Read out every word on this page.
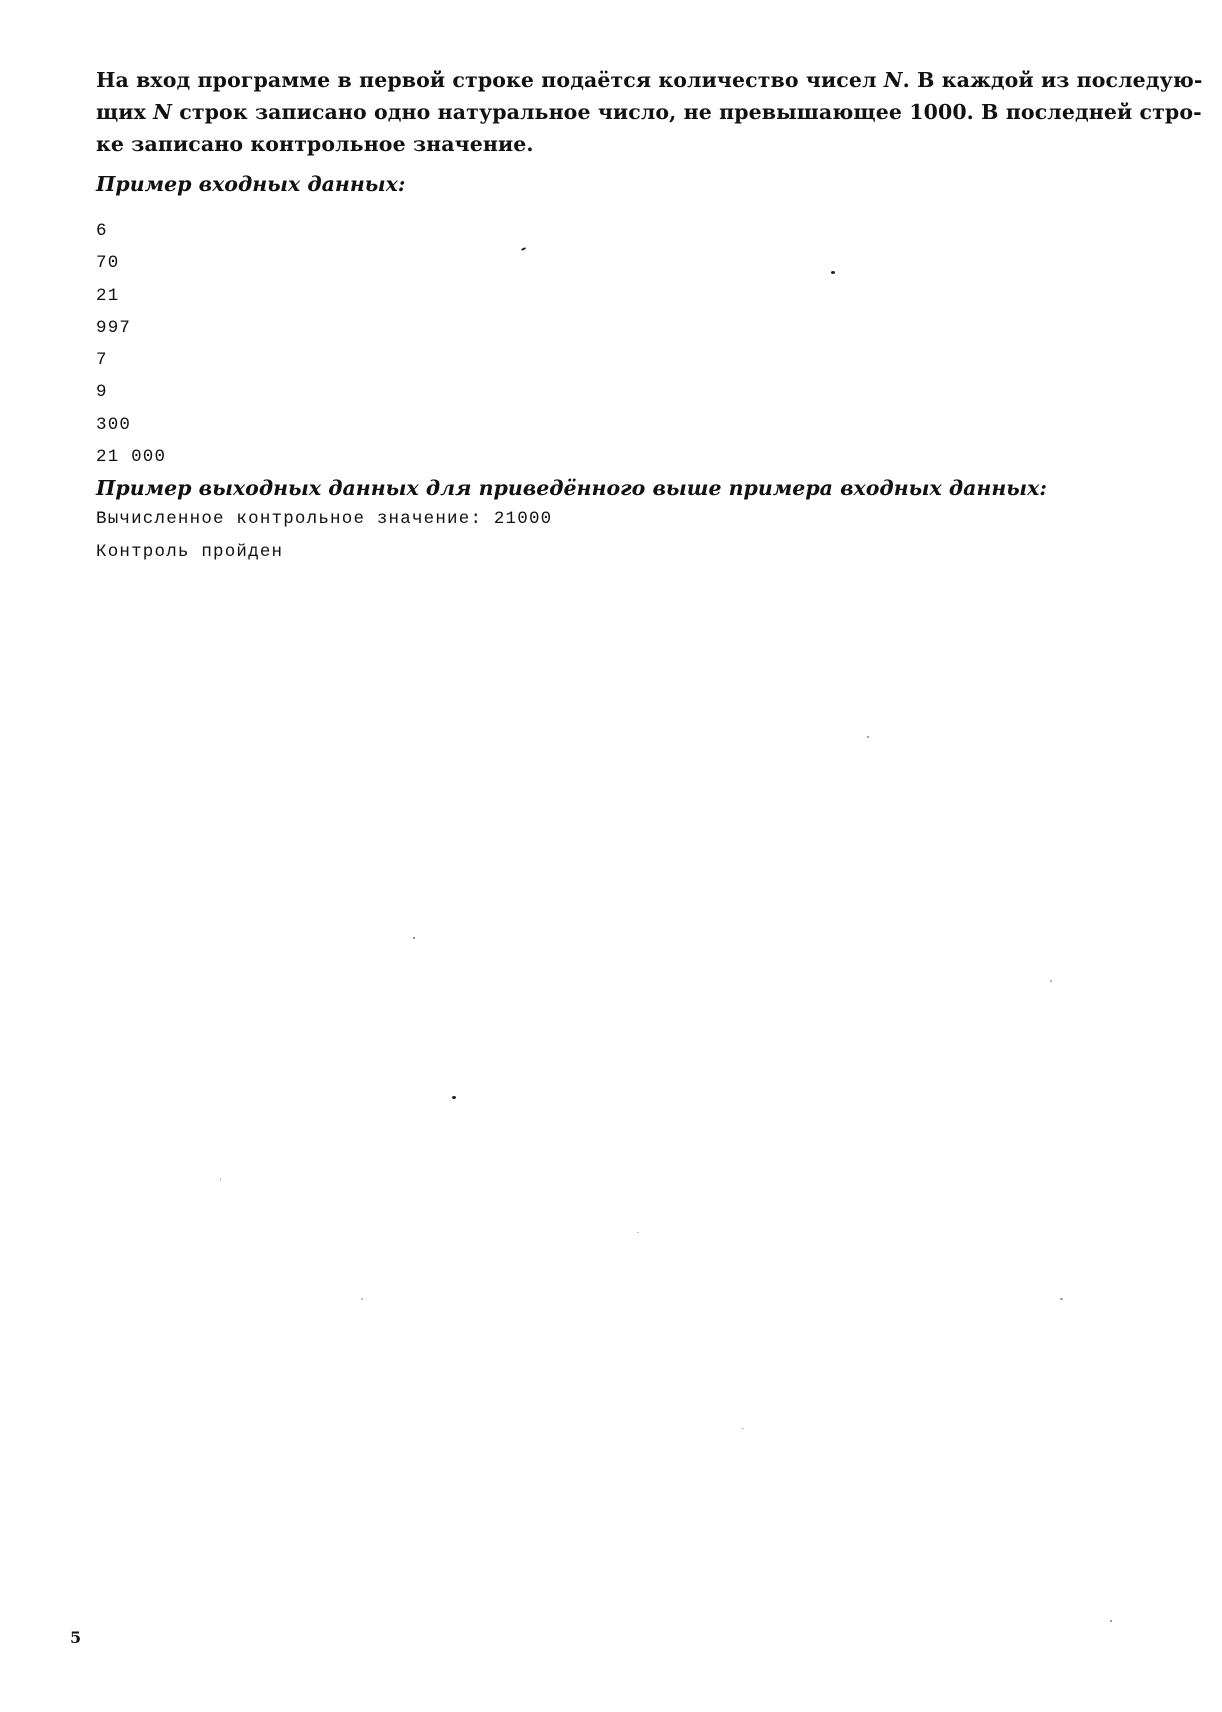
На вход программе в первой строке подаётся количество чисел N. В каждой из последую-
щих N строк записано одно натуральное число, не превышающее 1000. В последней стро-
ке записано контрольное значение.
Пример входных данных:
6
70
21
997
7
9
300
21 000
Пример выходных данных для приведённого выше примера входных данных:
Вычисленное контрольное значение: 21000
Контроль пройден
5
